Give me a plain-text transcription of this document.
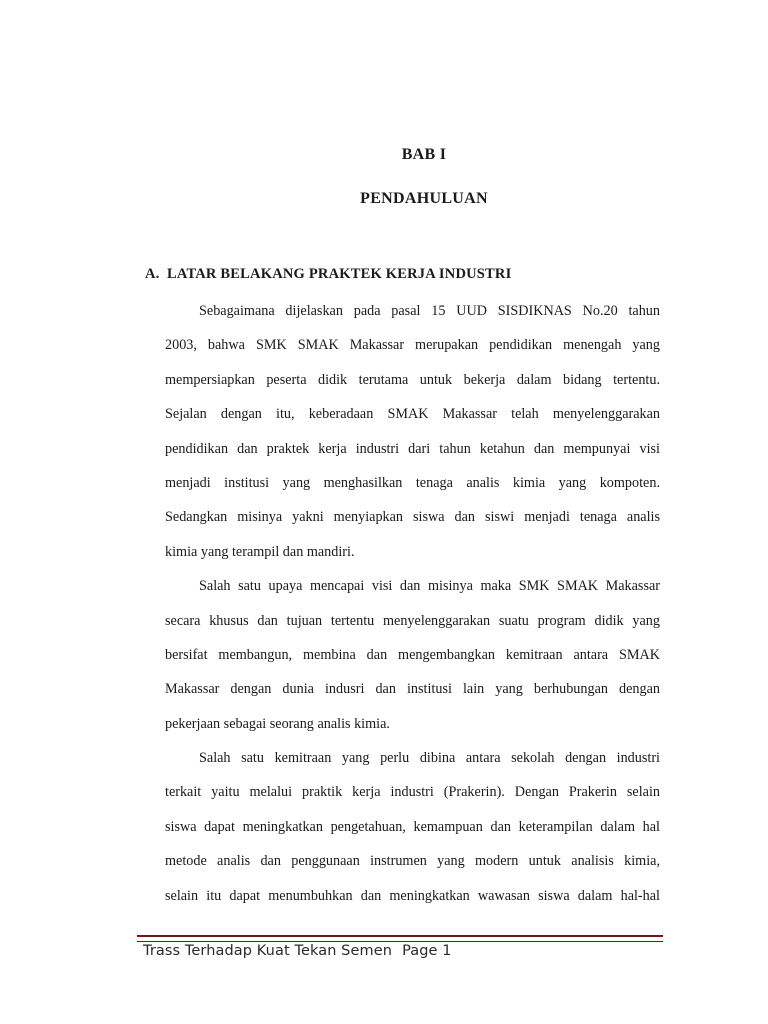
BAB I
PENDAHULUAN
A. LATAR BELAKANG PRAKTEK KERJA INDUSTRI

Sebagaimana dijelaskan pada pasal 15 UUD SISDIKNAS No.20 tahun
2003, bahwa SMK SMAK Makassar merupakan pendidikan menengah yang
mempersiapkan peserta didik terutama untuk bekerja dalam bidang tertentu.
Sejalan dengan itu, keberadaan SMAK Makassar telah menyelenggarakan
pendidikan dan praktek kerja industri dari tahun ketahun dan mempunyai visi
menjadi institusi yang menghasilkan tenaga analis kimia yang kompoten.
Sedangkan misinya yakni menyiapkan siswa dan siswi menjadi tenaga analis
kimia yang terampil dan mandiri.

Salah satu upaya mencapai visi dan misinya maka SMK SMAK Makassar
secara khusus dan tujuan tertentu menyelenggarakan suatu program didik yang
bersifat membangun, membina dan mengembangkan kemitraan antara SMAK
Makassar dengan dunia indusri dan institusi lain yang berhubungan dengan
pekerjaan sebagai seorang analis kimia.

Salah satu kemitraan yang perlu dibina antara sekolah dengan industri
terkait yaitu melalui praktik kerja industri (Prakerin). Dengan Prakerin selain
siswa dapat meningkatkan pengetahuan, kemampuan dan keterampilan dalam hal
metode analis dan penggunaan instrumen yang modern untuk analisis kimia,
selain itu dapat menumbuhkan dan meningkatkan wawasan siswa dalam hal-hal

Trass Terhadap Kuat Tekan Semen Page 1
